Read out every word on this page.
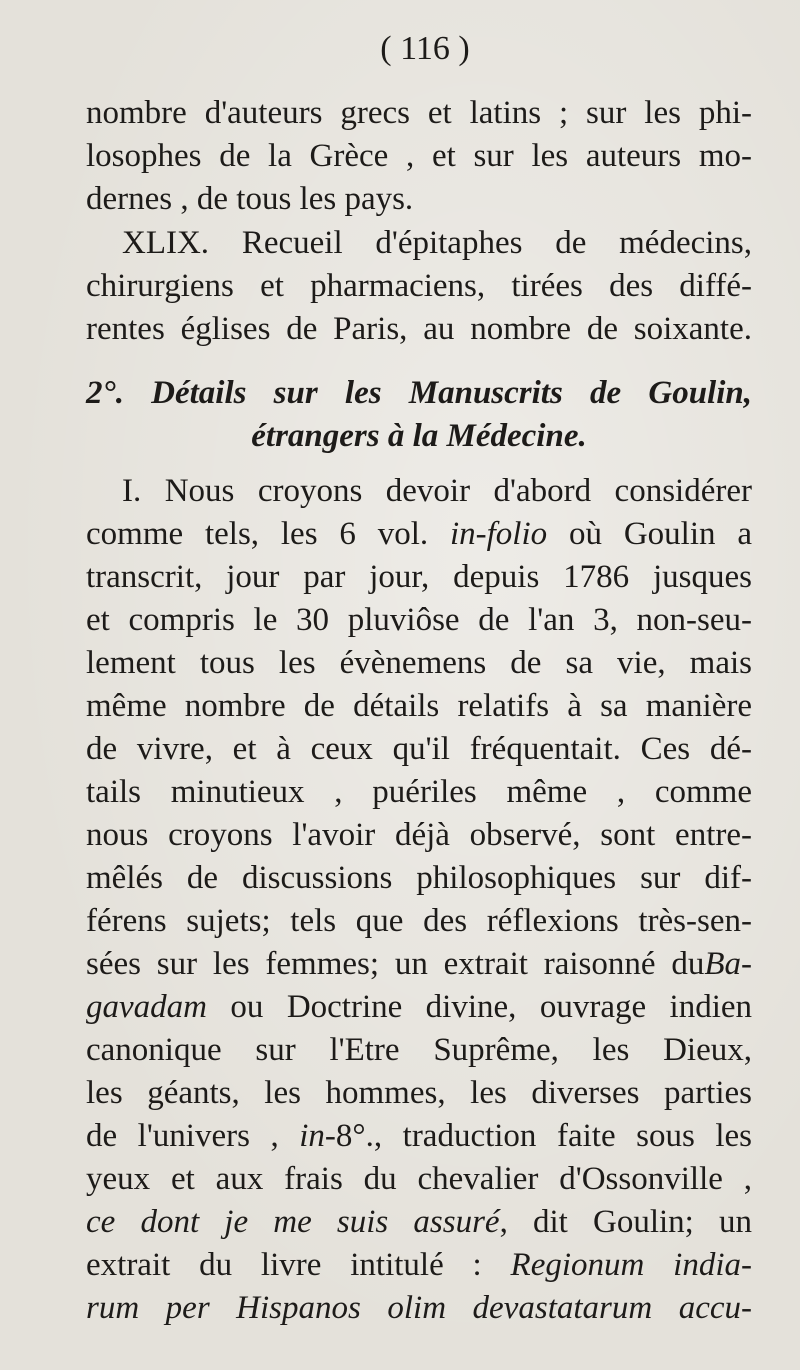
( 116 )
nombre d'auteurs grecs et latins ; sur les phi-
losophes de la Grèce , et sur les auteurs mo-
dernes , de tous les pays.
XLIX. Recueil d'épitaphes de médecins,
chirurgiens et pharmaciens, tirées des diffé-
rentes églises de Paris, au nombre de soixante.
2°. Détails sur les Manuscrits de Goulin,
étrangers à la Médecine.
I. Nous croyons devoir d'abord considérer
comme tels, les 6 vol. in-folio où Goulin a
transcrit, jour par jour, depuis 1786 jusques
et compris le 30 pluviôse de l'an 3, non-seu-
lement tous les évènemens de sa vie, mais
même nombre de détails relatifs à sa manière
de vivre, et à ceux qu'il fréquentait. Ces dé-
tails minutieux , puériles même , comme
nous croyons l'avoir déjà observé, sont entre-
mêlés de discussions philosophiques sur dif-
férens sujets; tels que des réflexions très-sen-
sées sur les femmes; un extrait raisonné duBa-
gavadam ou Doctrine divine, ouvrage indien
canonique sur l'Etre Suprême, les Dieux,
les géants, les hommes, les diverses parties
de l'univers , in-8°., traduction faite sous les
yeux et aux frais du chevalier d'Ossonville ,
ce dont je me suis assuré, dit Goulin; un
extrait du livre intitulé : Regionum india-
rum per Hispanos olim devastatarum accu-
